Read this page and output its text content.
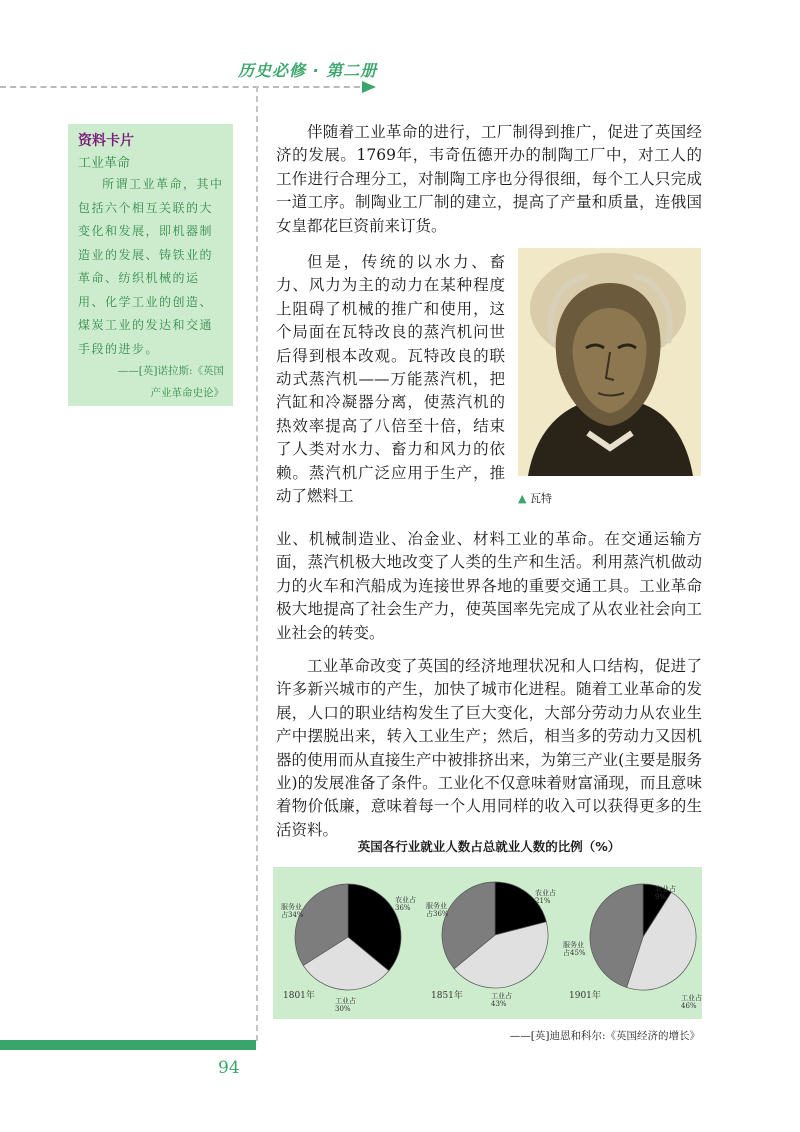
历史必修 · 第二册
资料卡片
工业革命
所谓工业革命，其中包括六个相互关联的大变化和发展，即机器制造业的发展、铸铁业的革命、纺织机械的运用、化学工业的创造、煤炭工业的发达和交通手段的进步。
——[英]诺拉斯:《英国
产业革命史论》
伴随着工业革命的进行，工厂制得到推广，促进了英国经济的发展。1769年，韦奇伍德开办的制陶工厂中，对工人的工作进行合理分工，对制陶工序也分得很细，每个工人只完成一道工序。制陶业工厂制的建立，提高了产量和质量，连俄国女皇都花巨资前来订货。
但是，传统的以水力、畜力、风力为主的动力在某种程度上阻碍了机械的推广和使用，这个局面在瓦特改良的蒸汽机问世后得到根本改观。瓦特改良的联动式蒸汽机——万能蒸汽机，把汽缸和冷凝器分离，使蒸汽机的热效率提高了八倍至十倍，结束了人类对水力、畜力和风力的依赖。蒸汽机广泛应用于生产，推动了燃料工
业、机械制造业、冶金业、材料工业的革命。在交通运输方面，蒸汽机极大地改变了人类的生产和生活。利用蒸汽机做动力的火车和汽船成为连接世界各地的重要交通工具。工业革命极大地提高了社会生产力，使英国率先完成了从农业社会向工业社会的转变。
工业革命改变了英国的经济地理状况和人口结构，促进了许多新兴城市的产生，加快了城市化进程。随着工业革命的发展，人口的职业结构发生了巨大变化，大部分劳动力从农业生产中摆脱出来，转入工业生产；然后，相当多的劳动力又因机器的使用而从直接生产中被排挤出来，为第三产业(主要是服务业)的发展准备了条件。工业化不仅意味着财富涌现，而且意味着物价低廉，意味着每一个人用同样的收入可以获得更多的生活资料。
▲ 瓦特
英国各行业就业人数占总就业人数的比例（%）
农业占 36%
工业占 30%
服务业占34%
1801年
农业占 21%
工业占 43%
服务业占36%
1851年
农业占 9%
工业占 46%
服务业占45%
1901年
——[英]迪恩和科尔:《英国经济的增长》
94
